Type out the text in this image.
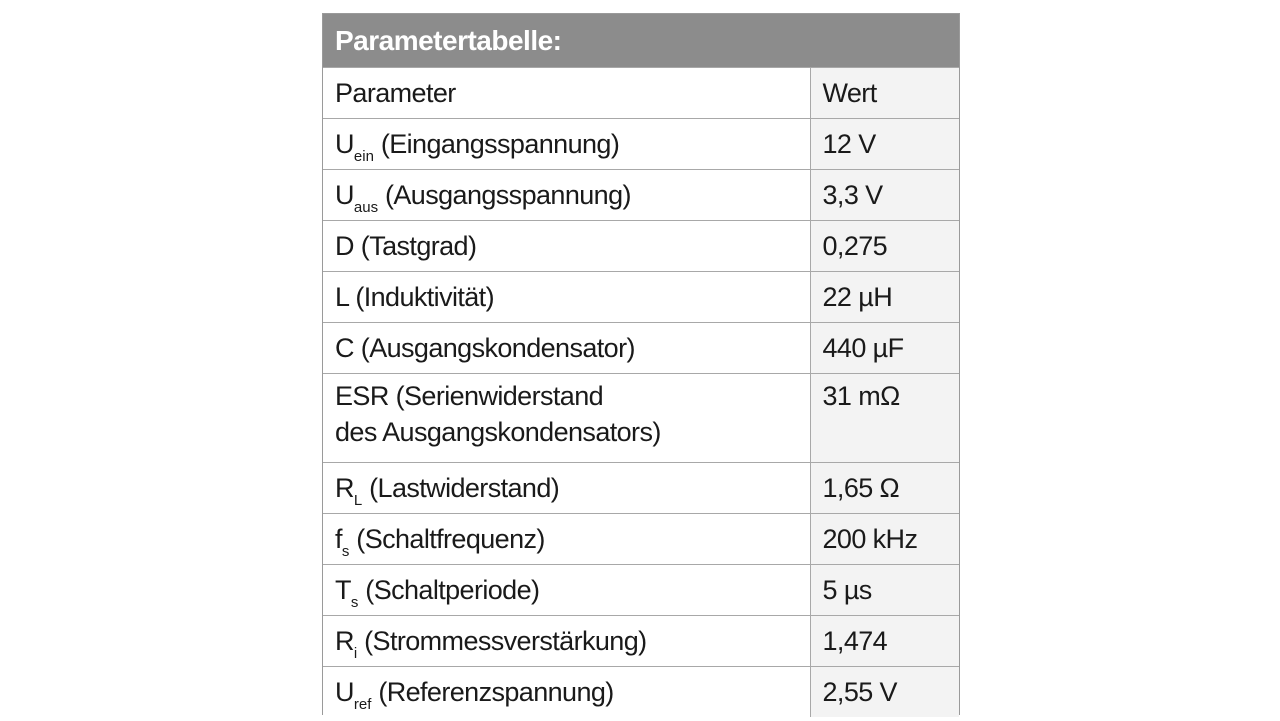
Parametertabelle:
Parameter	Wert
$U_{ein}$ (Eingangsspannung)	12 V
$U_{aus}$ (Ausgangsspannung)	3,3 V
D (Tastgrad)	0,275
L (Induktivität)	22 µH
C (Ausgangskondensator)	440 µF
ESR (Serienwiderstand
des Ausgangskondensators)	31 mΩ
$R_L$ (Lastwiderstand)	1,65 Ω
$f_s$ (Schaltfrequenz)	200 kHz
$T_s$ (Schaltperiode)	5 µs
$R_i$ (Strommessverstärkung)	1,474
$U_{ref}$ (Referenzspannung)	2,55 V
